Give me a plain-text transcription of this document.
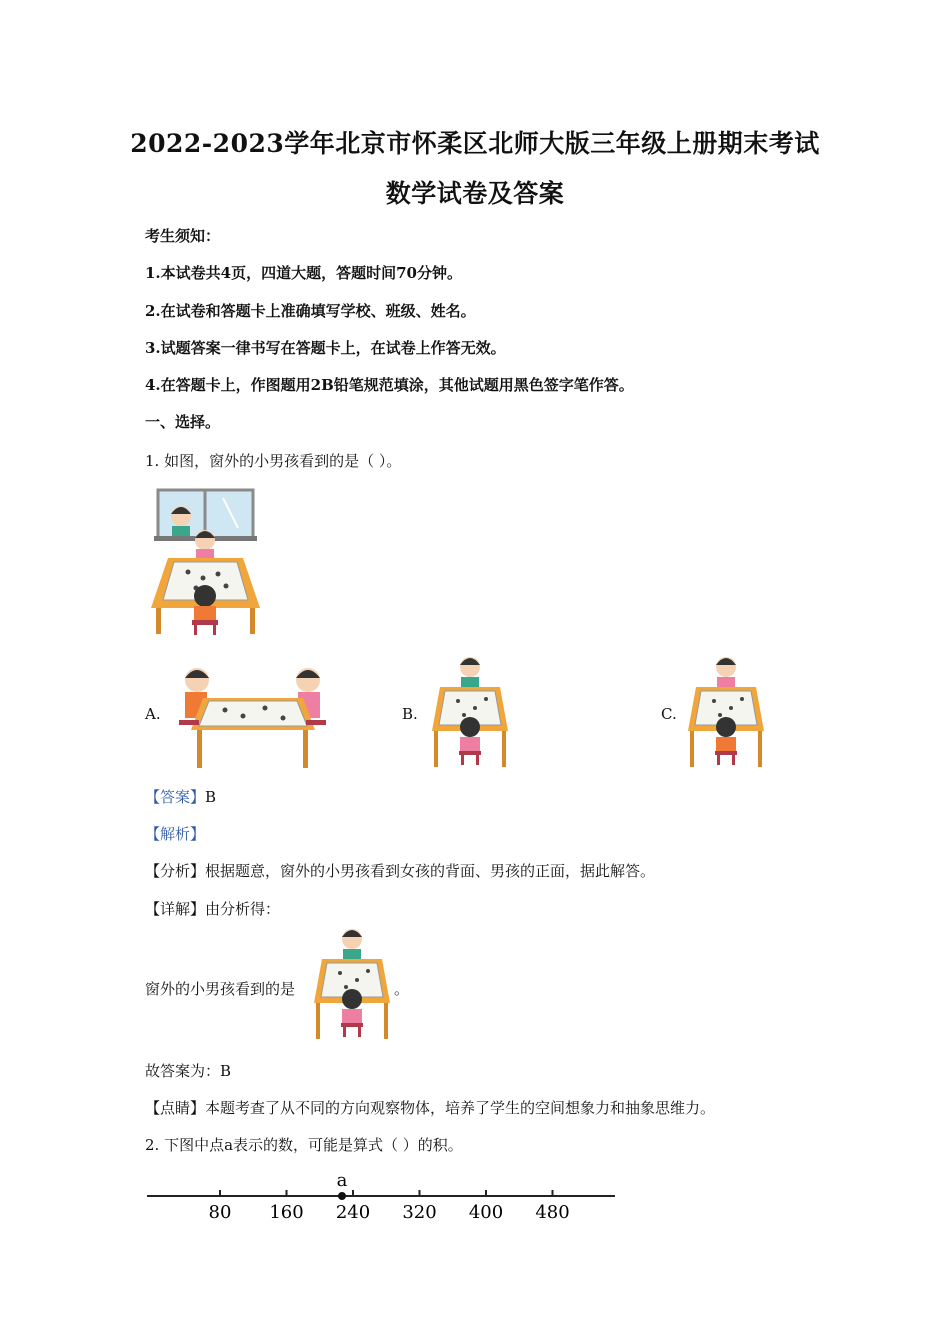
2022-2023学年北京市怀柔区北师大版三年级上册期末考试
数学试卷及答案
考生须知：
1.本试卷共4页，四道大题，答题时间70分钟。
2.在试卷和答题卡上准确填写学校、班级、姓名。
3.试题答案一律书写在答题卡上，在试卷上作答无效。
4.在答题卡上，作图题用2B铅笔规范填涂，其他试题用黑色签字笔作答。
一、选择。
1. 如图，窗外的小男孩看到的是（ ）。
A.	B.	C.
【答案】B
【解析】
【分析】根据题意，窗外的小男孩看到女孩的背面、男孩的正面，据此解答。
【详解】由分析得：
窗外的小男孩看到的是	。
故答案为：B
【点睛】本题考查了从不同的方向观察物体，培养了学生的空间想象力和抽象思维力。
2. 下图中点a表示的数，可能是算式（ ）的积。
80 160 240 320 400 480
a
